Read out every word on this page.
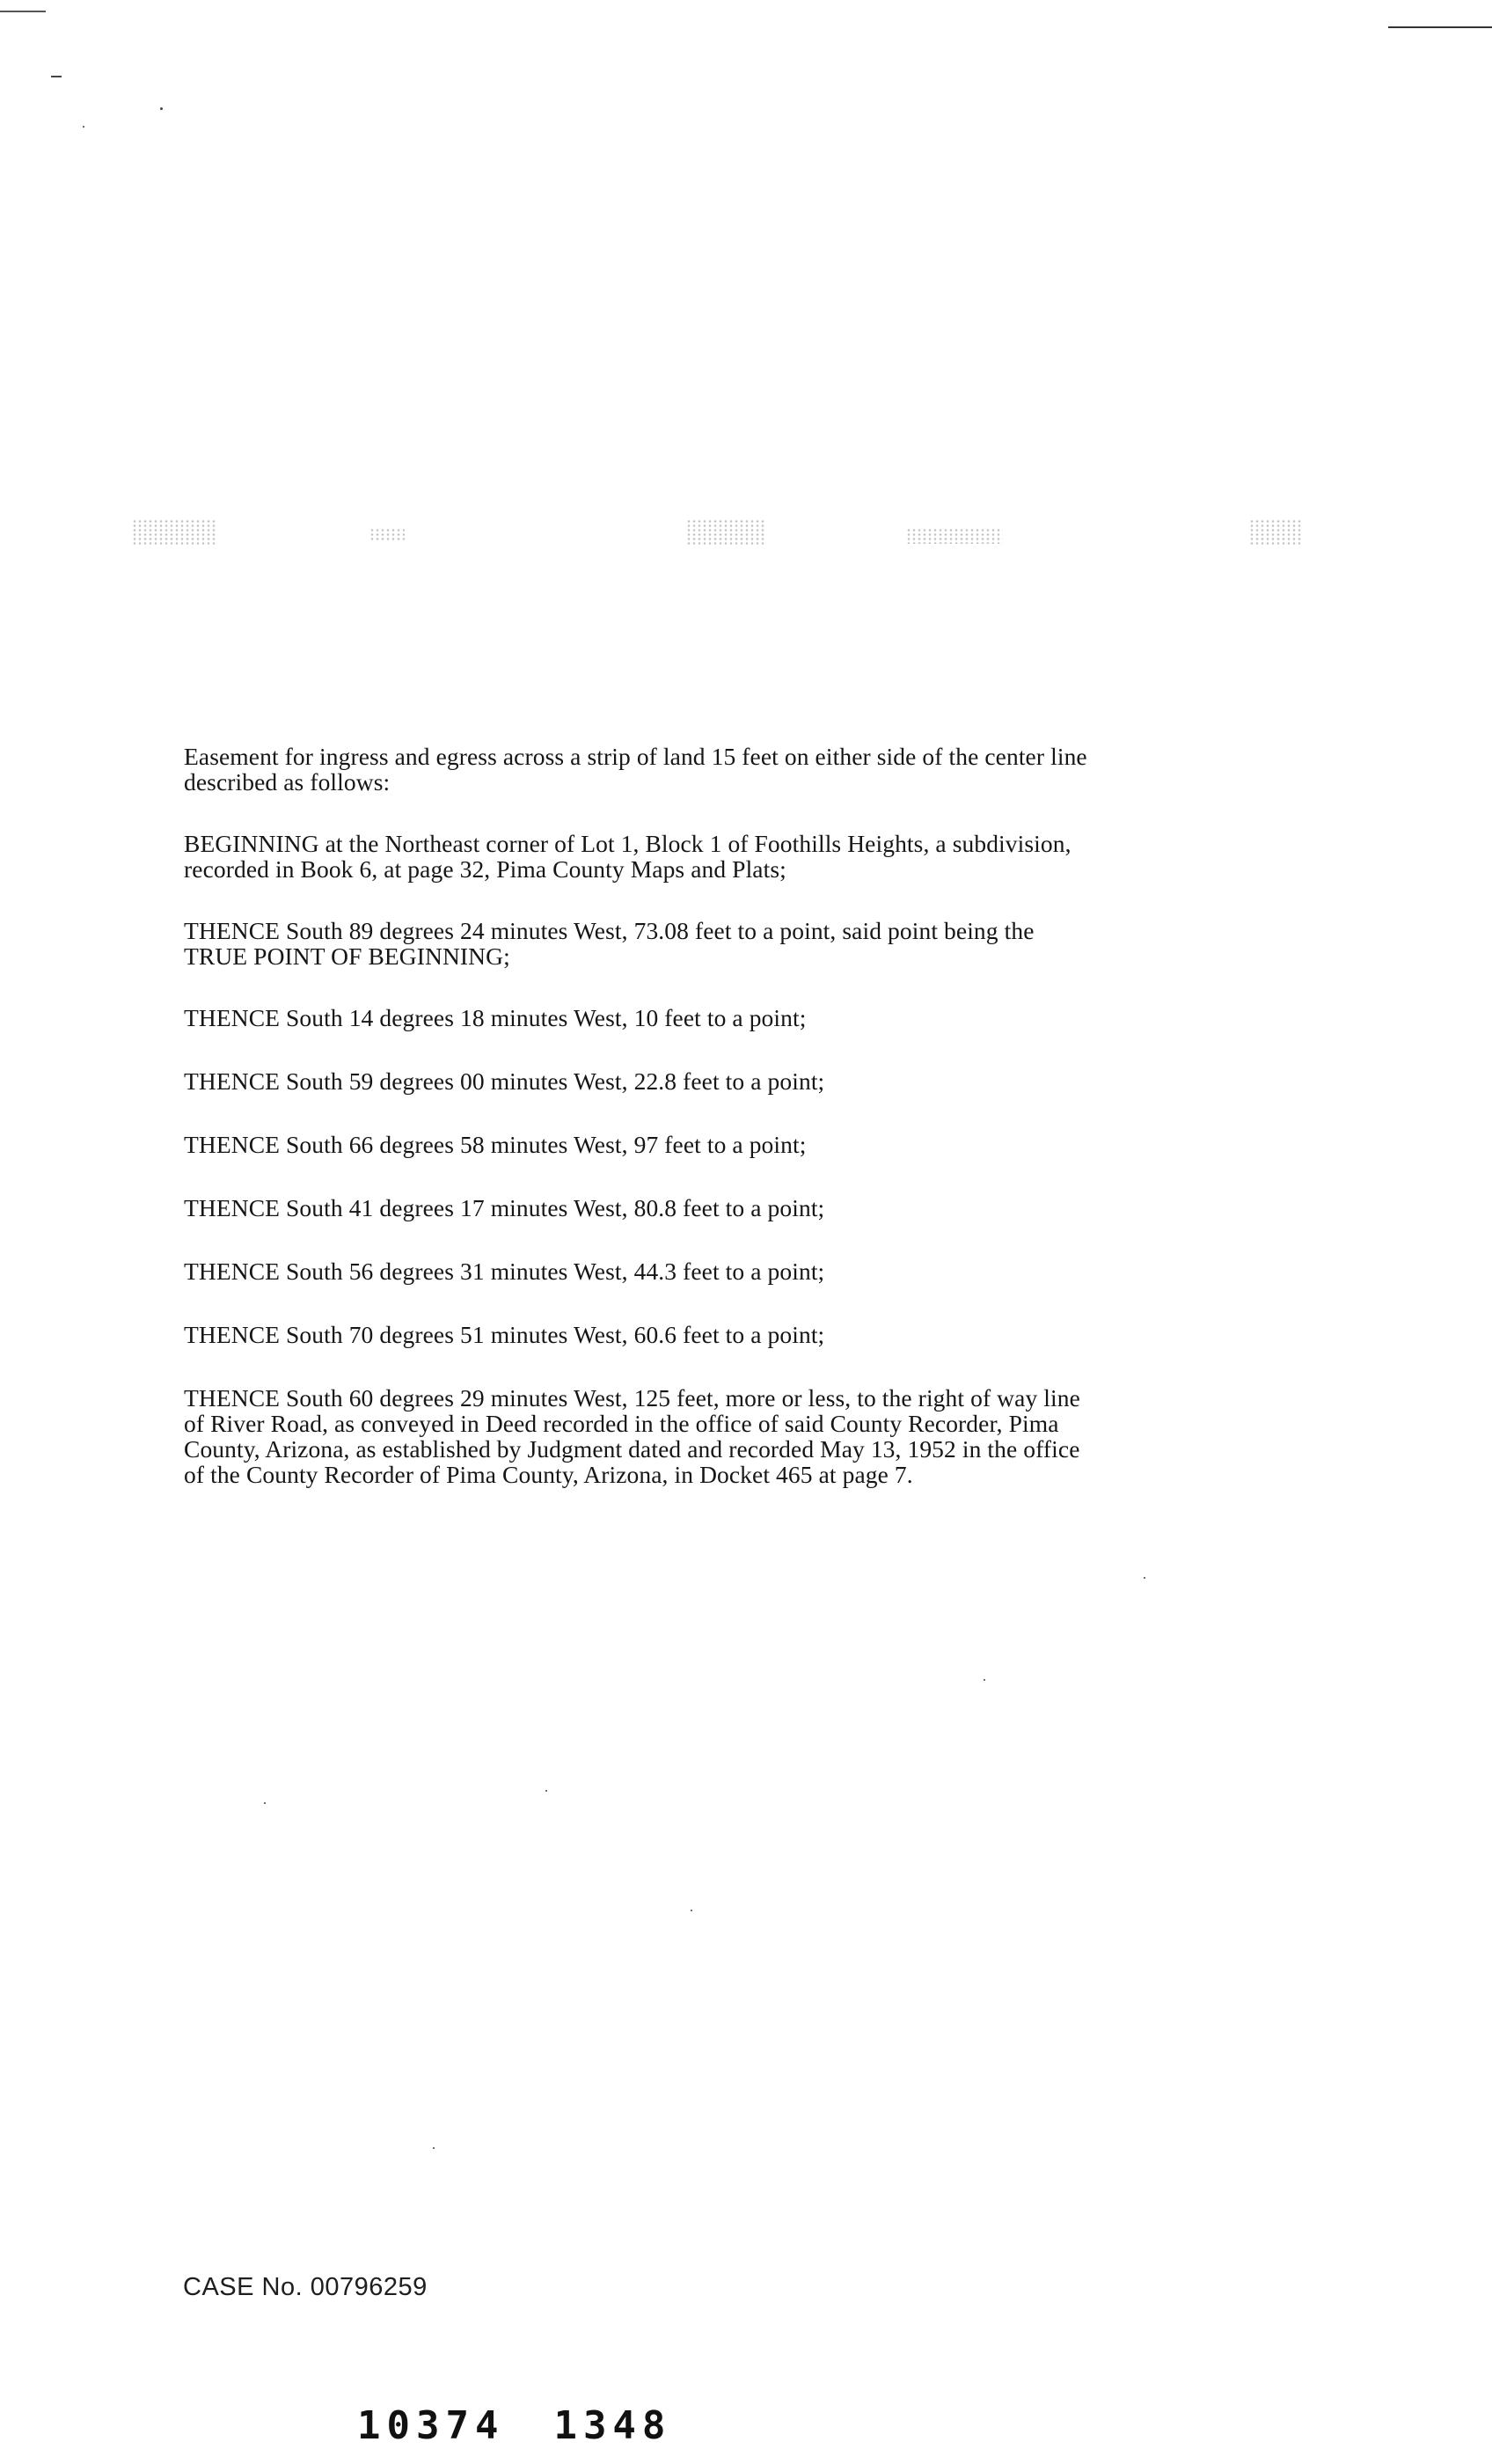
Easement for ingress and egress across a strip of land 15 feet on either side of the center line
described as follows:

BEGINNING at the Northeast corner of Lot 1, Block 1 of Foothills Heights, a subdivision,
recorded in Book 6, at page 32, Pima County Maps and Plats;

THENCE South 89 degrees 24 minutes West, 73.08 feet to a point, said point being the
TRUE POINT OF BEGINNING;

THENCE South 14 degrees 18 minutes West, 10 feet to a point;

THENCE South 59 degrees 00 minutes West, 22.8 feet to a point;

THENCE South 66 degrees 58 minutes West, 97 feet to a point;

THENCE South 41 degrees 17 minutes West, 80.8 feet to a point;

THENCE South 56 degrees 31 minutes West, 44.3 feet to a point;

THENCE South 70 degrees 51 minutes West, 60.6 feet to a point;

THENCE South 60 degrees 29 minutes West, 125 feet, more or less, to the right of way line
of River Road, as conveyed in Deed recorded in the office of said County Recorder, Pima
County, Arizona, as established by Judgment dated and recorded May 13, 1952 in the office
of the County Recorder of Pima County, Arizona, in Docket 465 at page 7.

CASE No. 00796259
10374 1348
